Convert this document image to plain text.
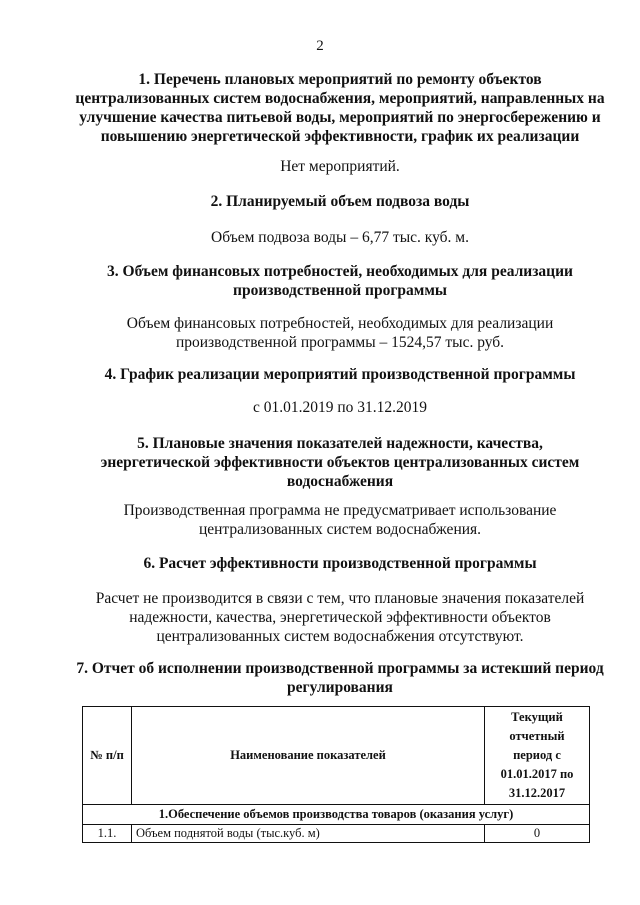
2
1. Перечень плановых мероприятий по ремонту объектов
централизованных систем водоснабжения, мероприятий, направленных на
улучшение качества питьевой воды, мероприятий по энергосбережению и
повышению энергетической эффективности, график их реализации
Нет мероприятий.
2. Планируемый объем подвоза воды
Объем подвоза воды – 6,77 тыс. куб. м.
3. Объем финансовых потребностей, необходимых для реализации
производственной программы
Объем финансовых потребностей, необходимых для реализации
производственной программы – 1524,57 тыс. руб.
4. График реализации мероприятий производственной программы
с 01.01.2019 по 31.12.2019
5. Плановые значения показателей надежности, качества,
энергетической эффективности объектов централизованных систем
водоснабжения
Производственная программа не предусматривает использование
централизованных систем водоснабжения.
6. Расчет эффективности производственной программы
Расчет не производится в связи с тем, что плановые значения показателей
надежности, качества, энергетической эффективности объектов
централизованных систем водоснабжения отсутствуют.
7. Отчет об исполнении производственной программы за истекший период
регулирования
№ п/п	Наименование показателей	Текущий
отчетный
период с
01.01.2017 по
31.12.2017

1.Обеспечение объемов производства товаров (оказания услуг)		
1.1.	Объем поднятой воды (тыс.куб. м)	0
